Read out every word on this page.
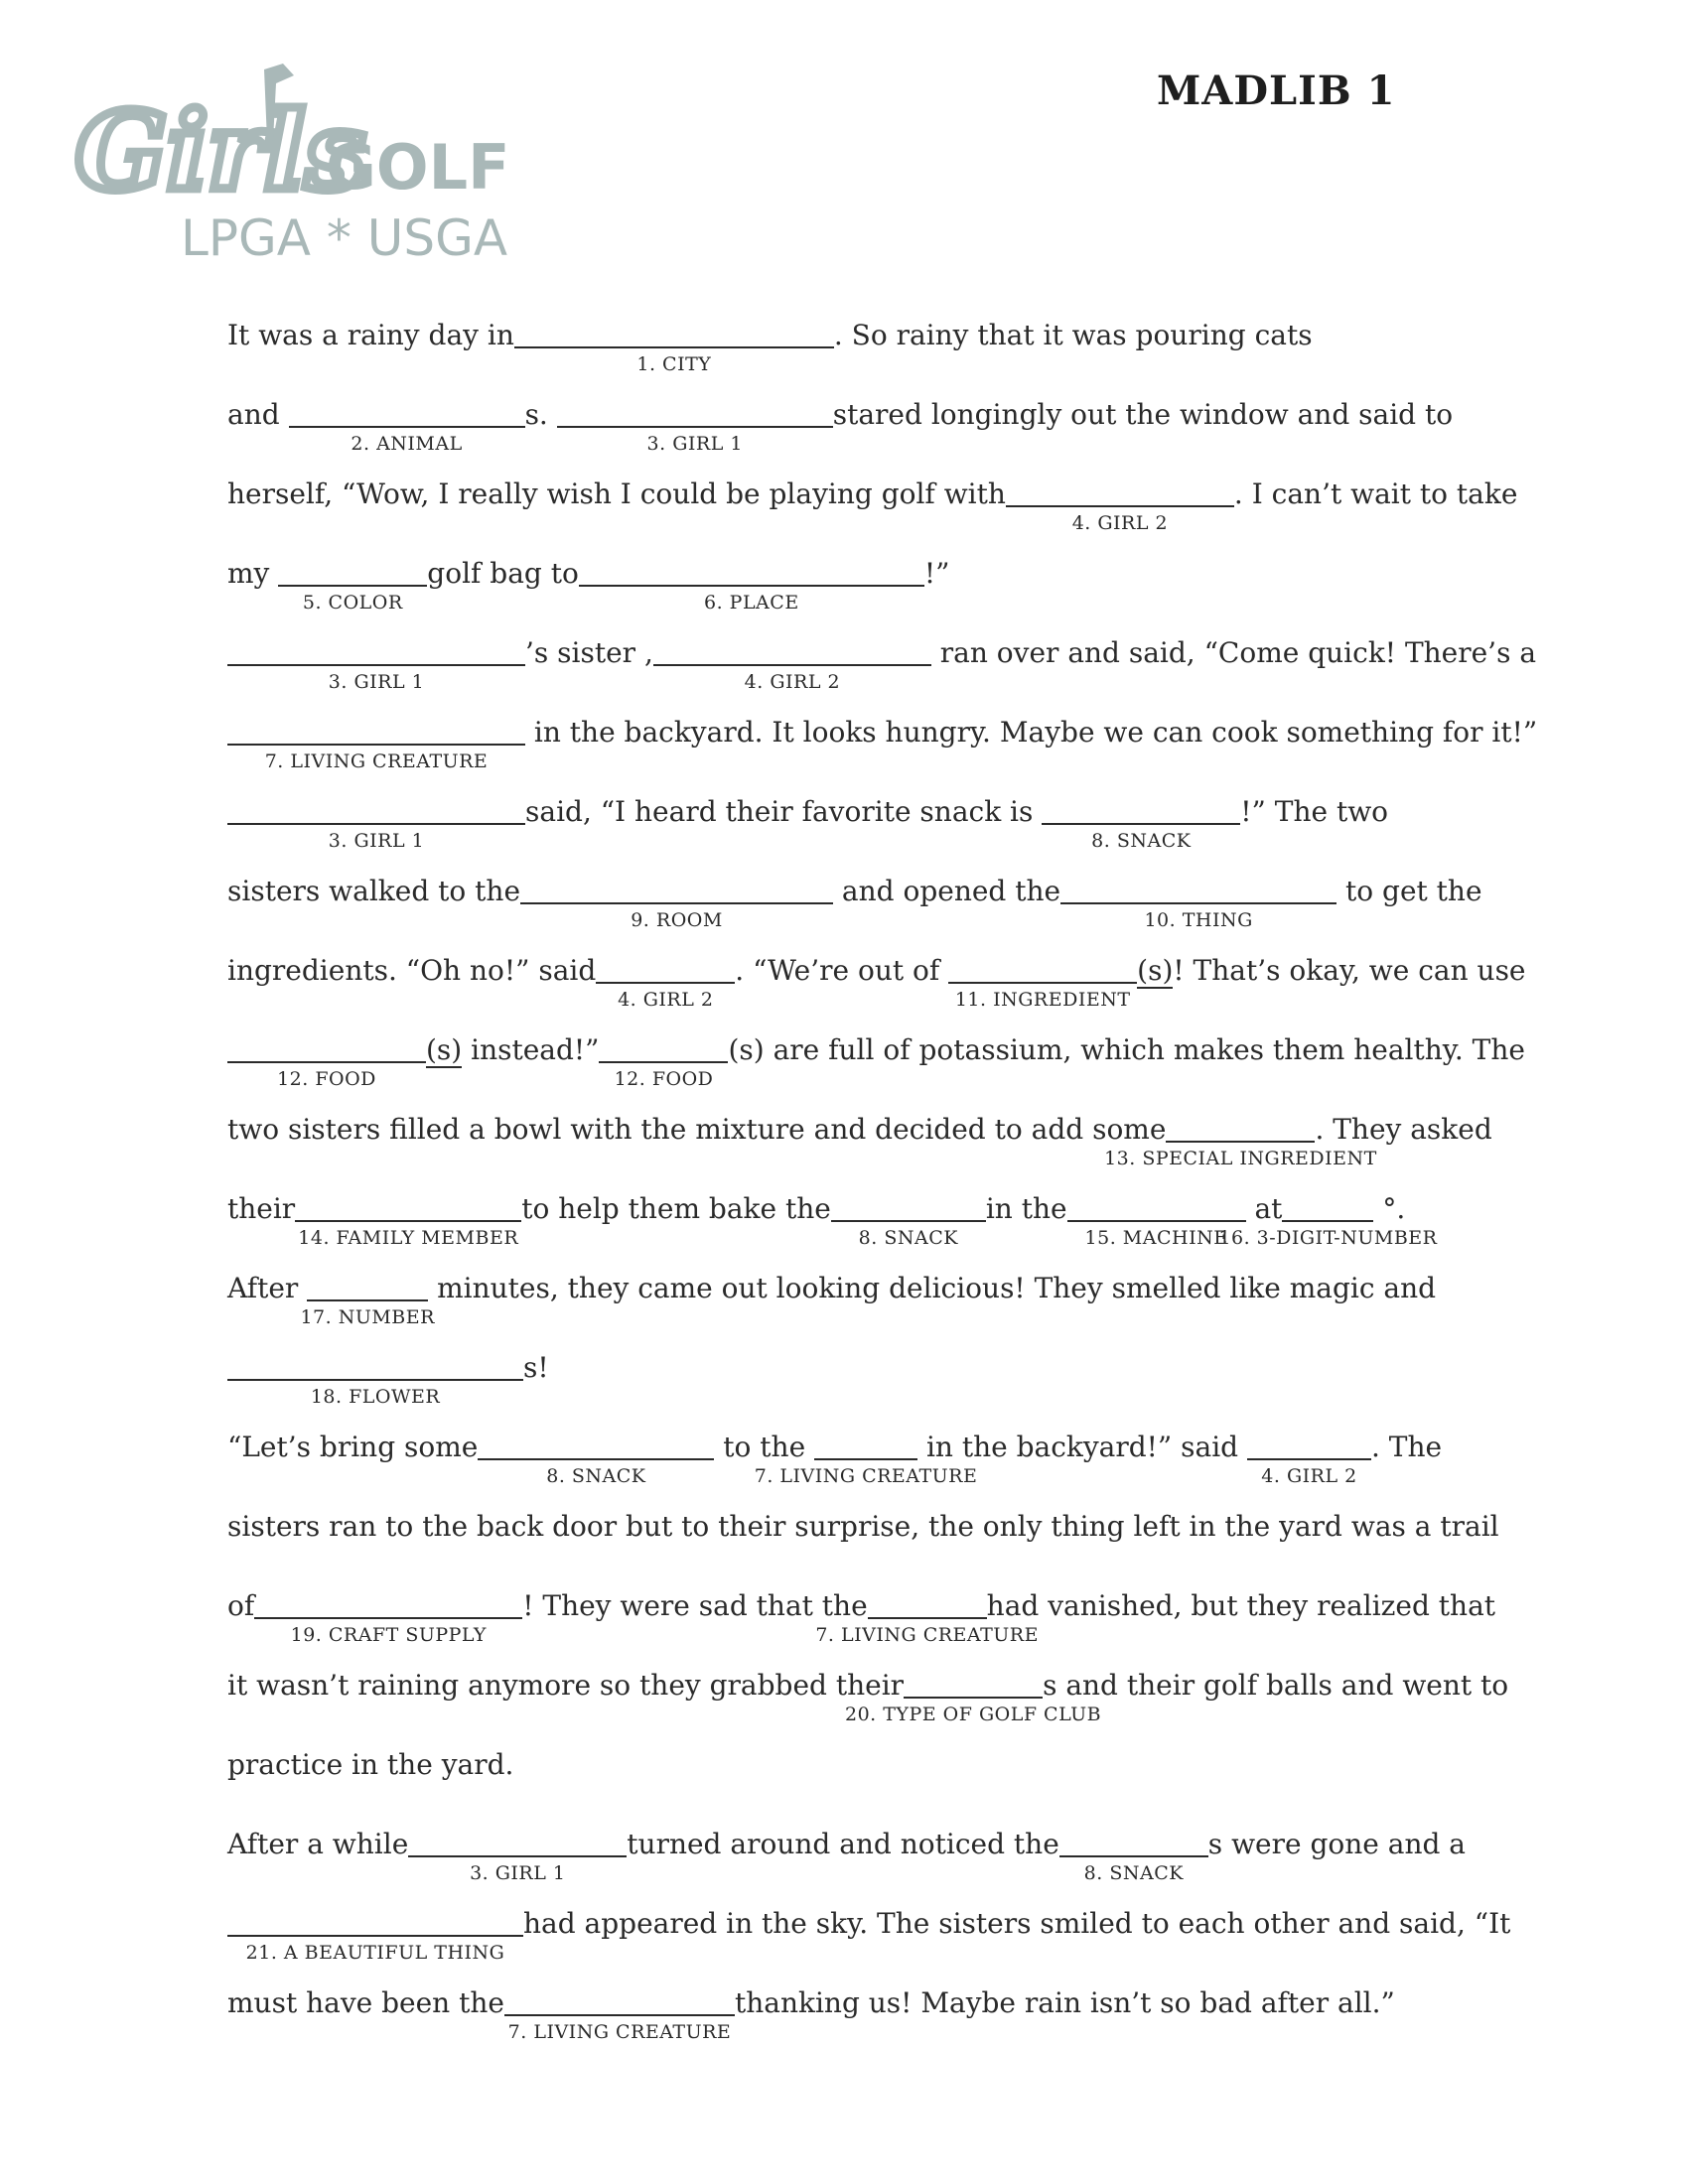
Girls
GOLF
LPGA * USGA
MADLIB 1
It was a rainy day in
1. CITY
. So rainy that it was pouring cats
and
2. ANIMAL
s.
3. GIRL 1
stared longingly out the window and said to
herself, “Wow, I really wish I could be playing golf with
4. GIRL 2
. I can’t wait to take
my
5. COLOR
golf bag to
6. PLACE
!”
3. GIRL 1
’s sister ,
4. GIRL 2
ran over and said, “Come quick! There’s a
7. LIVING CREATURE
in the backyard. It looks hungry. Maybe we can cook something for it!”
3. GIRL 1
said, “I heard their favorite snack is
8. SNACK
!” The two
sisters walked to the
9. ROOM
and opened the
10. THING
to get the
ingredients. “Oh no!” said
4. GIRL 2
. “We’re out of
11. INGREDIENT
(s)! That’s okay, we can use
12. FOOD
(s) instead!”
12. FOOD
(s) are full of potassium, which makes them healthy. The
two sisters filled a bowl with the mixture and decided to add some
13. SPECIAL INGREDIENT
. They asked
their
14. FAMILY MEMBER
to help them bake the
8. SNACK
in the
15. MACHINE
at
16. 3-DIGIT-NUMBER
°.
After
17. NUMBER
minutes, they came out looking delicious! They smelled like magic and
18. FLOWER
s!
“Let’s bring some
8. SNACK
to the
7. LIVING CREATURE
in the backyard!” said
4. GIRL 2
. The
sisters ran to the back door but to their surprise, the only thing left in the yard was a trail
of
19. CRAFT SUPPLY
! They were sad that the
7. LIVING CREATURE
had vanished, but they realized that
it wasn’t raining anymore so they grabbed their
20. TYPE OF GOLF CLUB
s and their golf balls and went to
practice in the yard.
After a while
3. GIRL 1
turned around and noticed the
8. SNACK
s were gone and a
21. A BEAUTIFUL THING
had appeared in the sky. The sisters smiled to each other and said, “It
must have been the
7. LIVING CREATURE
thanking us! Maybe rain isn’t so bad after all.”
